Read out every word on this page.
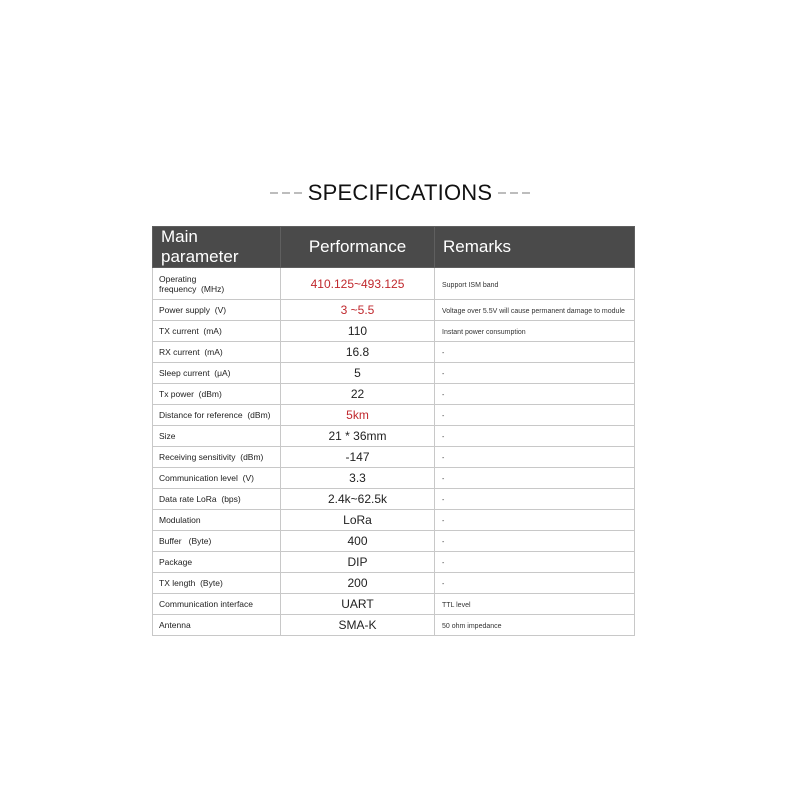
SPECIFICATIONS
Main parameter	Performance	Remarks
Operating
frequency  (MHz)	410.125~493.125	Support ISM band
Power supply  (V)	3 ~5.5	Voltage over 5.5V will cause permanent damage to module
TX current  (mA)	110	Instant power consumption
RX current  (mA)	16.8	-
Sleep current  (μA)	5	-
Tx power  (dBm)	22	-
Distance for reference  (dBm)	5km	-
Size	21 * 36mm	-
Receiving sensitivity  (dBm)	-147	-
Communication level  (V)	3.3	-
Data rate LoRa  (bps)	2.4k~62.5k	-
Modulation	LoRa	-
Buffer   (Byte)	400	-
Package	DIP	-
TX length  (Byte)	200	-
Communication interface	UART	TTL level
Antenna	SMA-K	50 ohm impedance
